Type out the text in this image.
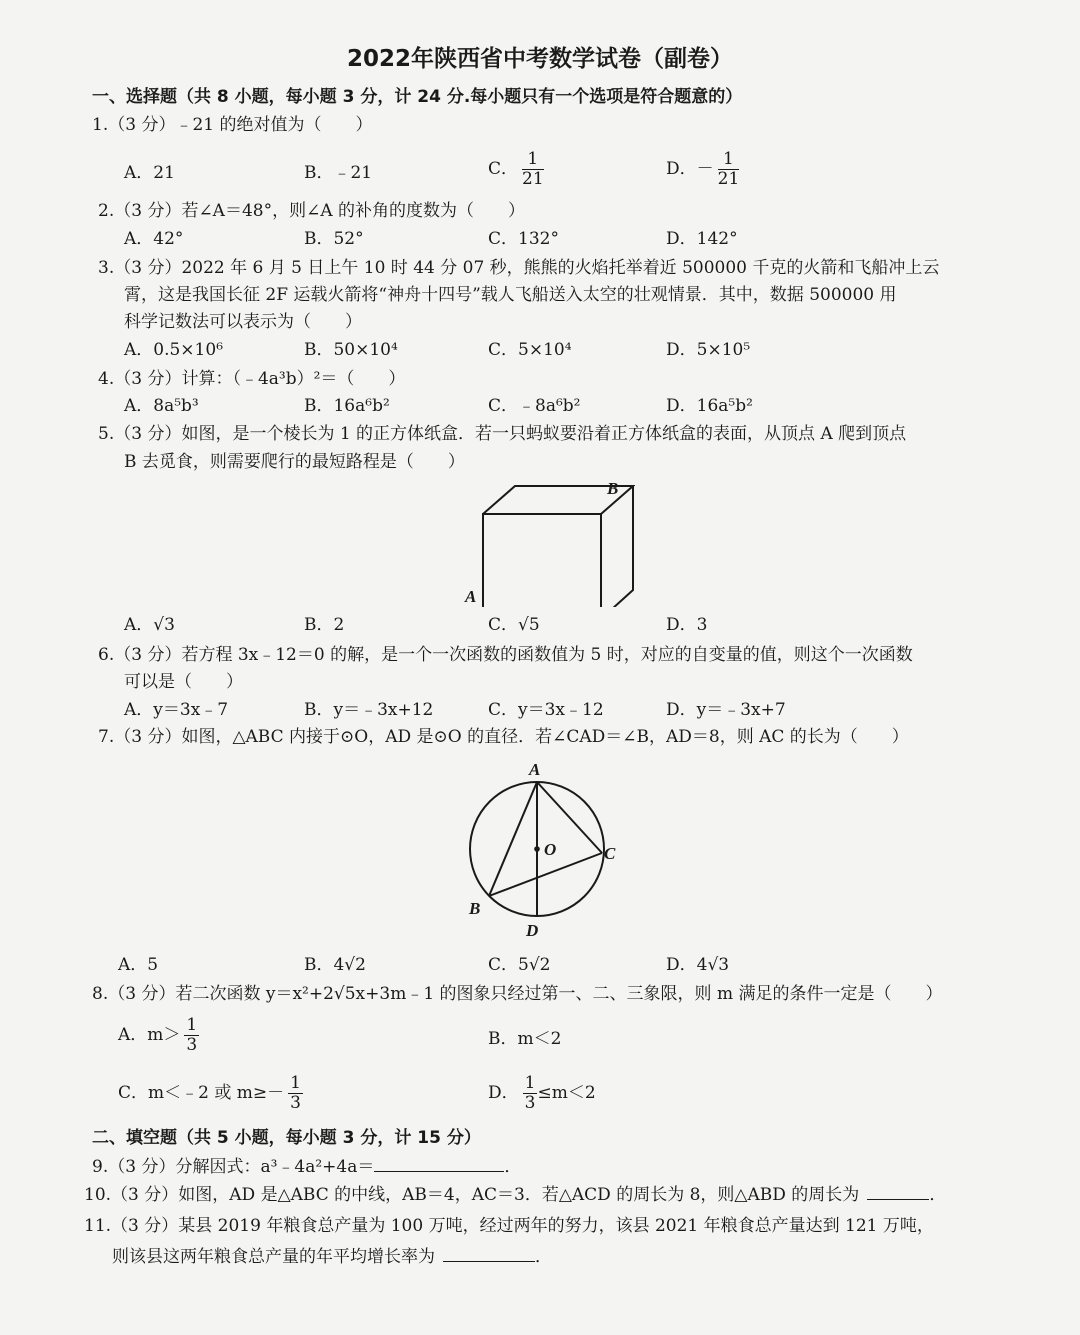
2022年陕西省中考数学试卷（副卷）
一、选择题（共 8 小题，每小题 3 分，计 24 分.每小题只有一个选项是符合题意的）
1.（3 分）﹣21 的绝对值为（　　）
A．21	B．﹣21	C． $\frac{1}{21}$	D．－ $\frac{1}{21}$
2.（3 分）若∠A＝48°，则∠A 的补角的度数为（　　）
A．42°	B．52°	C．132°	D．142°
3.（3 分）2022 年 6 月 5 日上午 10 时 44 分 07 秒，熊熊的火焰托举着近 500000 千克的火箭和飞船冲上云
霄，这是我国长征 2F 运载火箭将“神舟十四号”载人飞船送入太空的壮观情景．其中，数据 500000 用
科学记数法可以表示为（　　）
A．0.5×10⁶	B．50×10⁴	C．5×10⁴	D．5×10⁵
4.（3 分）计算：（﹣4a³b）²＝（　　）
A．8a⁵b³	B．16a⁶b²	C．﹣8a⁶b²	D．16a⁵b²
5.（3 分）如图，是一个棱长为 1 的正方体纸盒．若一只蚂蚁要沿着正方体纸盒的表面，从顶点 A 爬到顶点
B 去觅食，则需要爬行的最短路程是（　　）
A
B
A．√3	B．2	C．√5	D．3
6.（3 分）若方程 3x﹣12＝0 的解，是一个一次函数的函数值为 5 时，对应的自变量的值，则这个一次函数
可以是（　　）
A．y＝3x﹣7	B．y＝﹣3x+12	C．y＝3x﹣12	D．y＝﹣3x+7
7.（3 分）如图，△ABC 内接于⊙O，AD 是⊙O 的直径．若∠CAD＝∠B，AD＝8，则 AC 的长为（　　）
A
B
C
D
O
A．5	B．4√2	C．5√2	D．4√3
8.（3 分）若二次函数 y＝x²+2√5x+3m﹣1 的图象只经过第一、二、三象限，则 m 满足的条件一定是（　　）
A．$m> \frac{1}{3}$	B．m＜2
C．m＜﹣2 或 $m\ge- \frac{1}{3}$	D． $\frac{1}{3} \le m<2$
二、填空题（共 5 小题，每小题 3 分，计 15 分）
9.（3 分）分解因式：a³﹣4a²+4a＝	．
10.（3 分）如图，AD 是△ABC 的中线，AB＝4，AC＝3．若△ACD 的周长为 8，则△ABD 的周长为	．
11.（3 分）某县 2019 年粮食总产量为 100 万吨，经过两年的努力，该县 2021 年粮食总产量达到 121 万吨，
则该县这两年粮食总产量的年平均增长率为	．
